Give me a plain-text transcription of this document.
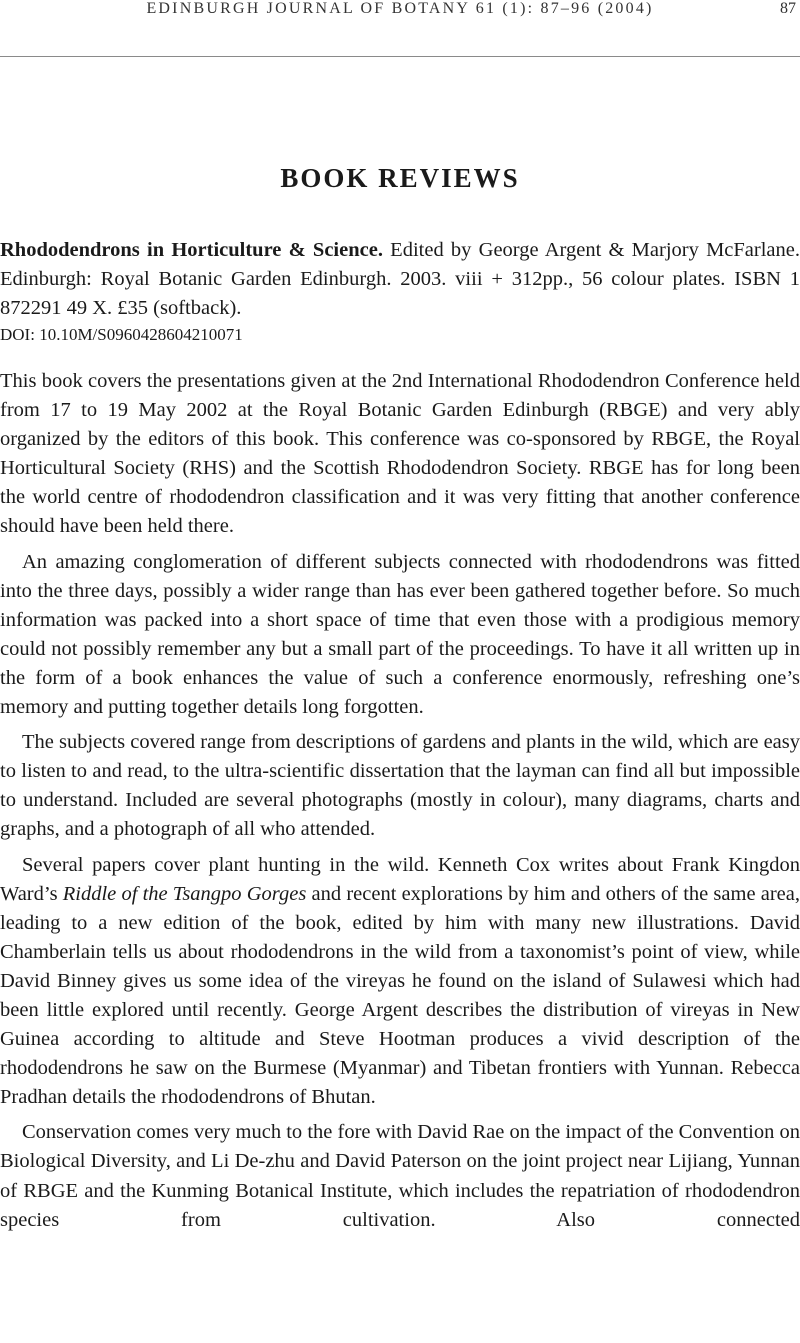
EDINBURGH JOURNAL OF BOTANY 61 (1): 87–96 (2004)	87
BOOK REVIEWS

Rhododendrons in Horticulture & Science. Edited by George Argent & Marjory McFarlane. Edinburgh: Royal Botanic Garden Edinburgh. 2003. viii + 312pp., 56 colour plates. ISBN 1 872291 49 X. £35 (softback).

DOI: 10.10M/S0960428604210071

This book covers the presentations given at the 2nd International Rhododendron Conference held from 17 to 19 May 2002 at the Royal Botanic Garden Edinburgh (RBGE) and very ably organized by the editors of this book. This conference was co-sponsored by RBGE, the Royal Horticultural Society (RHS) and the Scottish Rhododendron Society. RBGE has for long been the world centre of rhododendron classification and it was very fitting that another conference should have been held there.

An amazing conglomeration of different subjects connected with rhododendrons was fitted into the three days, possibly a wider range than has ever been gathered together before. So much information was packed into a short space of time that even those with a prodigious memory could not possibly remember any but a small part of the proceedings. To have it all written up in the form of a book enhances the value of such a conference enormously, refreshing one’s memory and putting together details long forgotten.

The subjects covered range from descriptions of gardens and plants in the wild, which are easy to listen to and read, to the ultra-scientific dissertation that the layman can find all but impossible to understand. Included are several photographs (mostly in colour), many diagrams, charts and graphs, and a photograph of all who attended.

Several papers cover plant hunting in the wild. Kenneth Cox writes about Frank Kingdon Ward’s Riddle of the Tsangpo Gorges and recent explorations by him and others of the same area, leading to a new edition of the book, edited by him with many new illustrations. David Chamberlain tells us about rhododendrons in the wild from a taxonomist’s point of view, while David Binney gives us some idea of the vireyas he found on the island of Sulawesi which had been little explored until recently. George Argent describes the distribution of vireyas in New Guinea according to altitude and Steve Hootman produces a vivid description of the rhododendrons he saw on the Burmese (Myanmar) and Tibetan frontiers with Yunnan. Rebecca Pradhan details the rhododendrons of Bhutan.

Conservation comes very much to the fore with David Rae on the impact of the Convention on Biological Diversity, and Li De-zhu and David Paterson on the joint project near Lijiang, Yunnan of RBGE and the Kunming Botanical Institute, which includes the repatriation of rhododendron species from cultivation. Also connected
